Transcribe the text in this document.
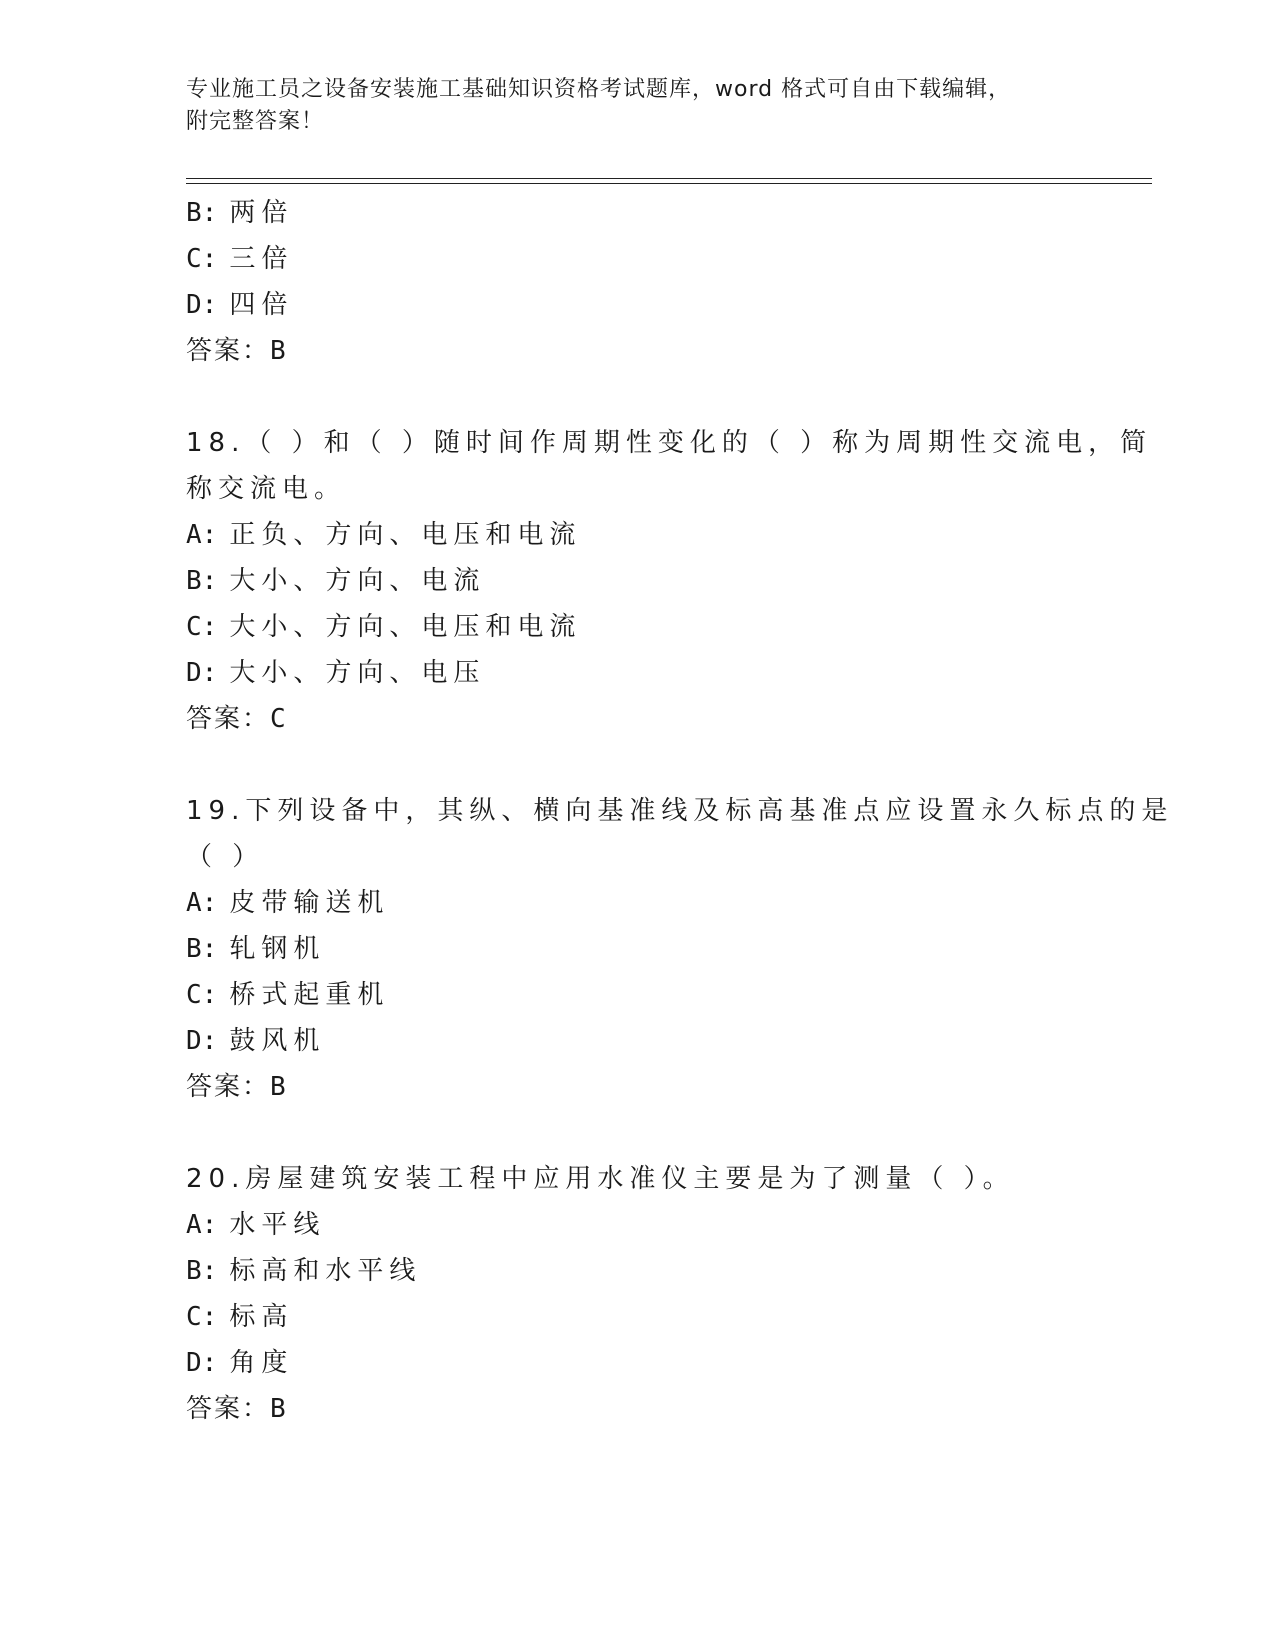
专业施工员之设备安装施工基础知识资格考试题库，word 格式可自由下载编辑，
附完整答案！
B: 两倍
C: 三倍
D: 四倍
答案：B
18.（ ）和（ ）随时间作周期性变化的（ ）称为周期性交流电，简
称交流电。
A: 正负、方向、电压和电流
B: 大小、方向、电流
C: 大小、方向、电压和电流
D: 大小、方向、电压
答案：C
19.下列设备中，其纵、横向基准线及标高基准点应设置永久标点的是
（ ）
A: 皮带输送机
B: 轧钢机
C: 桥式起重机
D: 鼓风机
答案：B
20.房屋建筑安装工程中应用水准仪主要是为了测量（ ）。
A: 水平线
B: 标高和水平线
C: 标高
D: 角度
答案：B
